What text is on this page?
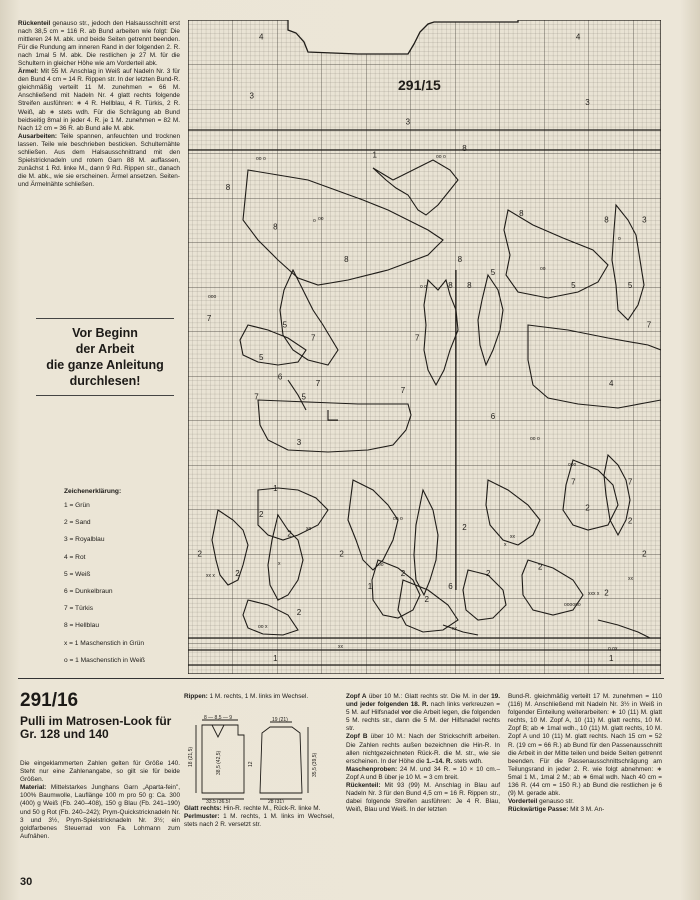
Rückenteil genauso str., jedoch den Halsausschnitt erst nach 38,5 cm = 116 R. ab Bund arbeiten wie folgt: Die mittleren 24 M. abk. und beide Seiten getrennt beenden. Für die Rundung am inneren Rand in der folgenden 2. R. nach 1mal 5 M. abk. Die restlichen je 27 M. für die Schultern in gleicher Höhe wie am Vorderteil abk.

Ärmel: Mit 55 M. Anschlag in Weiß auf Nadeln Nr. 3 für den Bund 4 cm = 14 R. Rippen str. In der letzten Bund-R. gleichmäßig verteilt 11 M. zunehmen = 66 M. Anschließend mit Nadeln Nr. 4 glatt rechts folgende Streifen ausführen: ∗ 4 R. Hellblau, 4 R. Türkis, 2 R. Weiß, ab ∗ stets wdh. Für die Schrägung ab Bund beidseitig 8mal in jeder 4. R. je 1 M. zunehmen = 82 M. Nach 12 cm = 36 R. ab Bund alle M. abk.

Ausarbeiten: Teile spannen, anfeuchten und trocknen lassen. Teile wie beschrieben besticken. Schulternähte schließen. Aus dem Halsausschnittrand mit den Spielstricknadeln und rotem Garn 88 M. auffassen, zunächst 1 Rd. linke M., dann 9 Rd. Rippen str., danach die M. abk., wie sie erscheinen. Ärmel ansetzen. Seiten- und Ärmelnähte schließen.

Vor Beginn
der Arbeit
die ganze Anleitung
durchlesen!
Zeichenerklärung:
1 = Grün
2 = Sand
3 = Royalblau
4 = Rot
5 = Weiß
6 = Dunkelbraun
7 = Türkis
8 = Hellblau
x = 1 Maschenstich in Grün
o = 1 Maschenstich in Weiß
oo o	oo o
oo
o
oo
o
ooo
o o
oo o
ooo
x
xx x
oo o
xo
xx
x
xxx x
xx
oooooo
oo
xx
xx	o ox
oo x
4	4
3
3
3
1
8
8
8
8
8	3
8	8
5
7
5
8 8	5	5
7	7
7
5
7
6
7
4
5
7
3
6
7	7
1
2
2
2
2
2
2
2
2
2
1	6
2
2
2
2
2
2
1	1
291/15
291/16
Pulli im Matrosen-Look für Gr. 128 und 140

Die eingeklammerten Zahlen gelten für Größe 140. Steht nur eine Zahlenangabe, so gilt sie für beide Größen.

Material: Mittelstarkes Junghans Garn „Aparta-fein", 100% Baumwolle, Lauflänge 100 m pro 50 g: Ca. 300 (400) g Weiß (Fb. 240–408), 150 g Blau (Fb. 241–190) und 50 g Rot (Fb. 240–242); Prym-Quickstricknadeln Nr. 3 und 3½, Prym-Spielstricknadeln Nr. 3½; ein goldfarbenes Steuerrad von Fa. Lohmann zum Aufnähen.

Rippen: 1 M. rechts, 1 M. links im Wechsel.

8 — 8,5 — 9	19 (21)
18 (21,5)	38,5 (42,5)	12	35,5 (39,5)
33,5 (36,5)	28 (31)

Glatt rechts: Hin-R. rechte M., Rück-R. linke M.

Perlmuster: 1 M. rechts, 1 M. links im Wechsel, stets nach 2 R. versetzt str.

Zopf A über 10 M.: Glatt rechts str. Die M. in der 19. und jeder folgenden 18. R. nach links verkreuzen = 5 M. auf Hilfsnadel vor die Arbeit legen, die folgenden 5 M. rechts str., dann die 5 M. der Hilfsnadel rechts str.

Zopf B über 10 M.: Nach der Strickschrift arbeiten. Die Zahlen rechts außen bezeichnen die Hin-R. In allen nichtgezeichneten Rück-R. die M. str., wie sie erscheinen. In der Höhe die 1.–14. R. stets wdh.

Maschenproben: 24 M. und 34 R. = 10 × 10 cm.– Zopf A und B über je 10 M. = 3 cm breit.

Rückenteil: Mit 93 (99) M. Anschlag in Blau auf Nadeln Nr. 3 für den Bund 4,5 cm = 16 R. Rippen str., dabei folgende Streifen ausführen: Je 4 R. Blau, Weiß, Blau und Weiß. In der letzten

Bund-R. gleichmäßig verteilt 17 M. zunehmen = 110 (116) M. Anschließend mit Nadeln Nr. 3½ in Weiß in folgender Einteilung weiterarbeiten: ∗ 10 (11) M. glatt rechts, 10 M. Zopf A, 10 (11) M. glatt rechts, 10 M. Zopf B; ab ∗ 1mal wdh., 10 (11) M. glatt rechts, 10 M. Zopf A und 10 (11) M. glatt rechts. Nach 15 cm = 52 R. (19 cm = 66 R.) ab Bund für den Passenausschnitt die Arbeit in der Mitte teilen und beide Seiten getrennt beenden. Für die Passenausschnittschrägung am Teilungsrand in jeder 2. R. wie folgt abnehmen: ∗ 5mal 1 M., 1mal 2 M.; ab ∗ 6mal wdh. Nach 40 cm = 136 R. (44 cm = 150 R.) ab Bund die restlichen je 6 (9) M. gerade abk.

Vorderteil genauso str.

Rückwärtige Passe: Mit 3 M. An-

30
